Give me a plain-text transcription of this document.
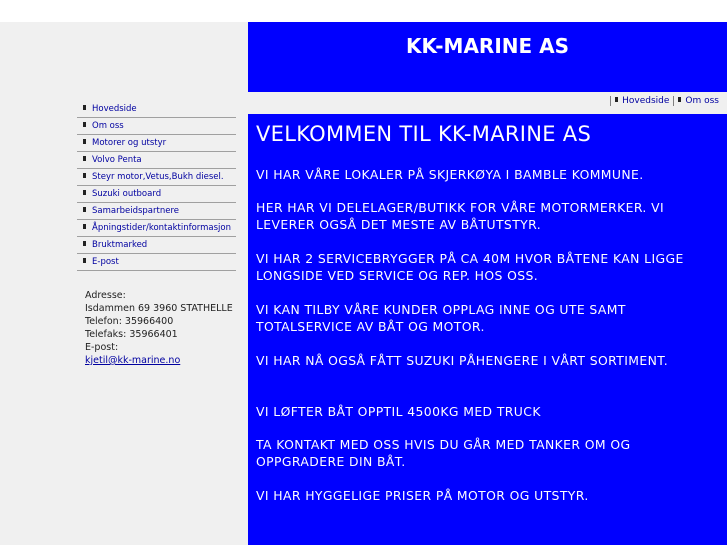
KK-MARINE AS
Hovedside Om oss
Hovedside
Om oss
Motorer og utstyr
Volvo Penta
Steyr motor,Vetus,Bukh diesel.
Suzuki outboard
Samarbeidspartnere
Åpningstider/kontaktinformasjon
Bruktmarked
E-post
Adresse:
Isdammen 69 3960 STATHELLE
Telefon: 35966400
Telefaks: 35966401
E-post:
kjetil@kk-marine.no
VELKOMMEN TIL KK-MARINE AS
VI HAR VÅRE LOKALER PÅ SKJERKØYA I BAMBLE KOMMUNE.
HER HAR VI DELELAGER/BUTIKK FOR VÅRE MOTORMERKER. VI LEVERER OGSÅ DET MESTE AV BÅTUTSTYR.
VI HAR 2 SERVICEBRYGGER PÅ CA 40M HVOR BÅTENE KAN LIGGE LONGSIDE VED SERVICE OG REP. HOS OSS.
VI KAN TILBY VÅRE KUNDER OPPLAG INNE OG UTE SAMT TOTALSERVICE AV BÅT OG MOTOR.
VI HAR NÅ OGSÅ FÅTT SUZUKI PÅHENGERE I VÅRT SORTIMENT.
VI LØFTER BÅT OPPTIL 4500KG MED TRUCK
TA KONTAKT MED OSS HVIS DU GÅR MED TANKER OM OG OPPGRADERE DIN BÅT.
VI HAR HYGGELIGE PRISER PÅ MOTOR OG UTSTYR.
